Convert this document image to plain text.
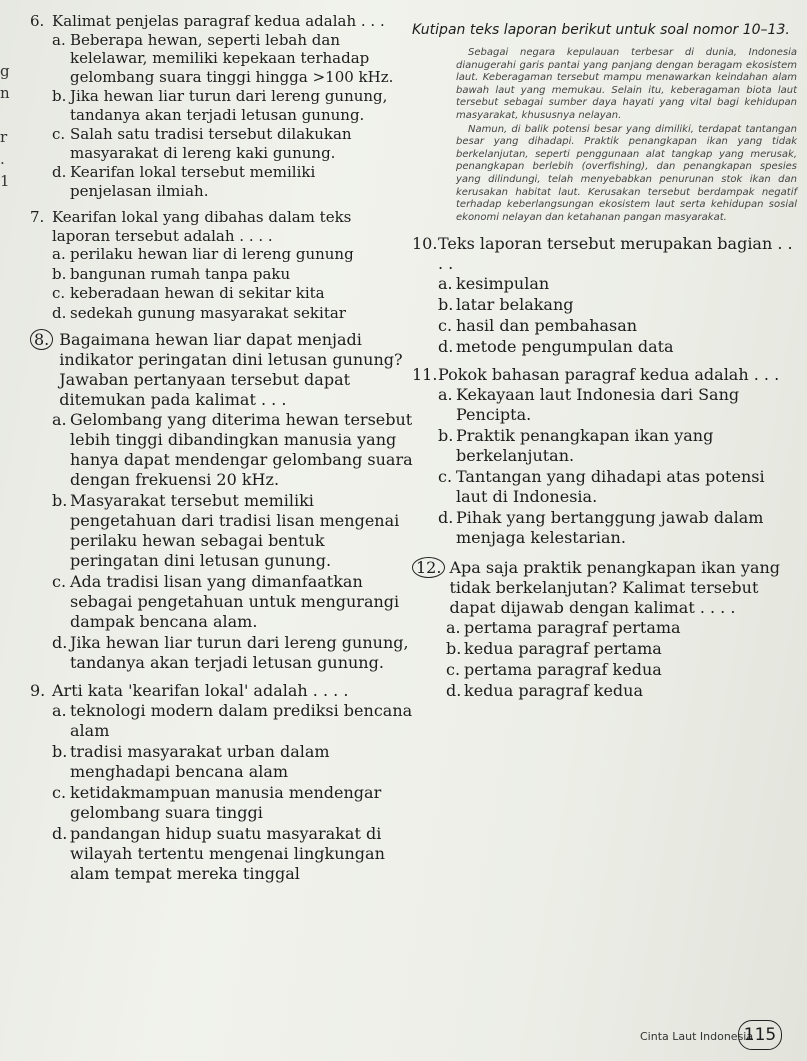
g
n
r
.
1
6. Kalimat penjelas paragraf kedua adalah . . .
a. Beberapa hewan, seperti lebah dan kelelawar, memiliki kepekaan terhadap gelombang suara tinggi hingga >100 kHz.
b. Jika hewan liar turun dari lereng gunung, tandanya akan terjadi letusan gunung.
c. Salah satu tradisi tersebut dilakukan masyarakat di lereng kaki gunung.
d. Kearifan lokal tersebut memiliki penjelasan ilmiah.
7. Kearifan lokal yang dibahas dalam teks laporan tersebut adalah . . . .
a. perilaku hewan liar di lereng gunung
b. bangunan rumah tanpa paku
c. keberadaan hewan di sekitar kita
d. sedekah gunung masyarakat sekitar
8. Bagaimana hewan liar dapat menjadi indikator peringatan dini letusan gunung? Jawaban pertanyaan tersebut dapat ditemukan pada kalimat . . .
a. Gelombang yang diterima hewan tersebut lebih tinggi dibandingkan manusia yang hanya dapat mendengar gelombang suara dengan frekuensi 20 kHz.
b. Masyarakat tersebut memiliki pengetahuan dari tradisi lisan mengenai perilaku hewan sebagai bentuk peringatan dini letusan gunung.
c. Ada tradisi lisan yang dimanfaatkan sebagai pengetahuan untuk mengurangi dampak bencana alam.
d. Jika hewan liar turun dari lereng gunung, tandanya akan terjadi letusan gunung.
9. Arti kata 'kearifan lokal' adalah . . . .
a. teknologi modern dalam prediksi bencana alam
b. tradisi masyarakat urban dalam menghadapi bencana alam
c. ketidakmampuan manusia mendengar gelombang suara tinggi
d. pandangan hidup suatu masyarakat di wilayah tertentu mengenai lingkungan alam tempat mereka tinggal
Kutipan teks laporan berikut untuk soal nomor 10–13.

Sebagai negara kepulauan terbesar di dunia, Indonesia dianugerahi garis pantai yang panjang dengan beragam ekosistem laut. Keberagaman tersebut mampu menawarkan keindahan alam bawah laut yang memukau. Selain itu, keberagaman biota laut tersebut sebagai sumber daya hayati yang vital bagi kehidupan masyarakat, khususnya nelayan.

Namun, di balik potensi besar yang dimiliki, terdapat tantangan besar yang dihadapi. Praktik penangkapan ikan yang tidak berkelanjutan, seperti penggunaan alat tangkap yang merusak, penangkapan berlebih (overfishing), dan penangkapan spesies yang dilindungi, telah menyebabkan penurunan stok ikan dan kerusakan habitat laut. Kerusakan tersebut berdampak negatif terhadap keberlangsungan ekosistem laut serta kehidupan sosial ekonomi nelayan dan ketahanan pangan masyarakat.

10. Teks laporan tersebut merupakan bagian . . . .
a. kesimpulan
b. latar belakang
c. hasil dan pembahasan
d. metode pengumpulan data
11. Pokok bahasan paragraf kedua adalah . . .
a. Kekayaan laut Indonesia dari Sang Pencipta.
b. Praktik penangkapan ikan yang berkelanjutan.
c. Tantangan yang dihadapi atas potensi laut di Indonesia.
d. Pihak yang bertanggung jawab dalam menjaga kelestarian.
12. Apa saja praktik penangkapan ikan yang tidak berkelanjutan? Kalimat tersebut dapat dijawab dengan kalimat . . . .
a. pertama paragraf pertama
b. kedua paragraf pertama
c. pertama paragraf kedua
d. kedua paragraf kedua
Cinta Laut Indonesia
115
